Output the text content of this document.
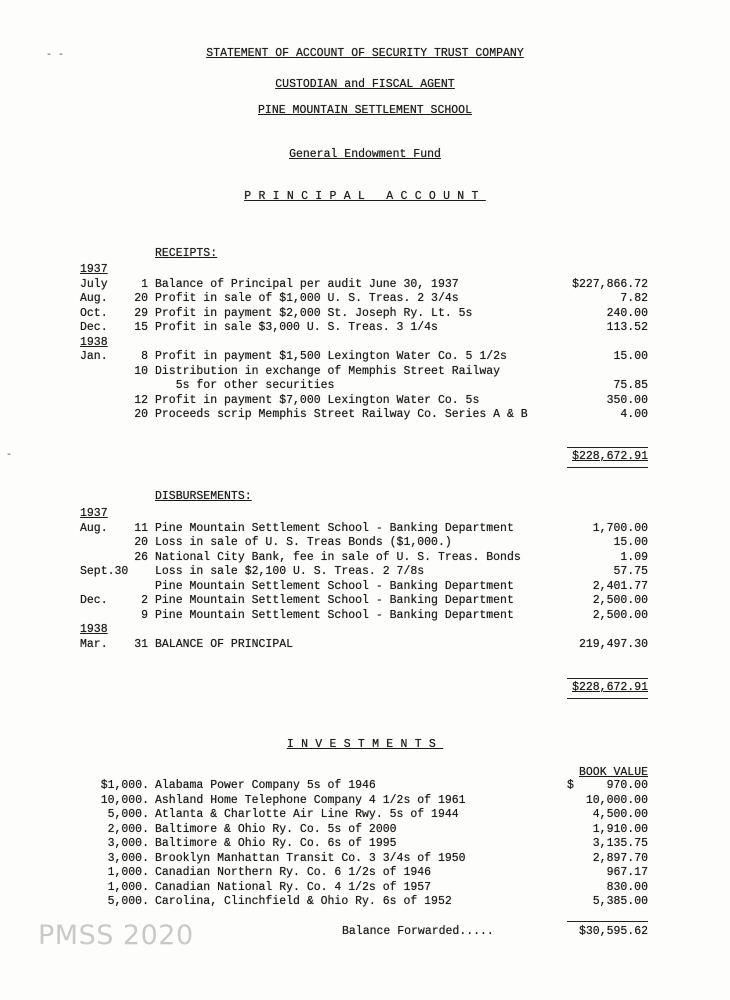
- -
-
STATEMENT OF ACCOUNT OF SECURITY TRUST COMPANY
CUSTODIAN and FISCAL AGENT
PINE MOUNTAIN SETTLEMENT SCHOOL
General Endowment Fund
PRINCIPAL ACCOUNT
RECEIPTS:
1937
July	1 Balance of Principal per audit June 30, 1937	$227,866.72
Aug.	20 Profit in sale of $1,000 U. S. Treas. 2 3/4s	7.82
Oct.	29 Profit in payment $2,000 St. Joseph Ry. Lt. 5s	240.00
Dec.	15 Profit in sale $3,000 U. S. Treas. 3 1/4s	113.52
1938
Jan.	8 Profit in payment $1,500 Lexington Water Co. 5 1/2s	15.00
10 Distribution in exchange of Memphis Street Railway
5s for other securities	75.85
12 Profit in payment $7,000 Lexington Water Co. 5s	350.00
20 Proceeds scrip Memphis Street Railway Co. Series A & B	4.00
$228,672.91
DISBURSEMENTS:
1937
Aug.	11 Pine Mountain Settlement School - Banking Department	1,700.00
20 Loss in sale of U. S. Treas Bonds ($1,000.)	15.00
26 National City Bank, fee in sale of U. S. Treas. Bonds	1.09
Sept.30 Loss in sale $2,100 U. S. Treas. 2 7/8s	57.75
Pine Mountain Settlement School - Banking Department	2,401.77
Dec.	2 Pine Mountain Settlement School - Banking Department	2,500.00
9 Pine Mountain Settlement School - Banking Department	2,500.00
1938
Mar.	31 BALANCE OF PRINCIPAL	219,497.30
$228,672.91
INVESTMENTS
BOOK VALUE
$
$1,000. Alabama Power Company 5s of 1946	970.00
10,000. Ashland Home Telephone Company 4 1/2s of 1961	10,000.00
5,000. Atlanta & Charlotte Air Line Rwy. 5s of 1944	4,500.00
2,000. Baltimore & Ohio Ry. Co. 5s of 2000	1,910.00
3,000. Baltimore & Ohio Ry. Co. 6s of 1995	3,135.75
3,000. Brooklyn Manhattan Transit Co. 3 3/4s of 1950	2,897.70
1,000. Canadian Northern Ry. Co. 6 1/2s of 1946	967.17
1,000. Canadian National Ry. Co. 4 1/2s of 1957	830.00
5,000. Carolina, Clinchfield & Ohio Ry. 6s of 1952	5,385.00
Balance Forwarded.....	$30,595.62
PMSS 2020
